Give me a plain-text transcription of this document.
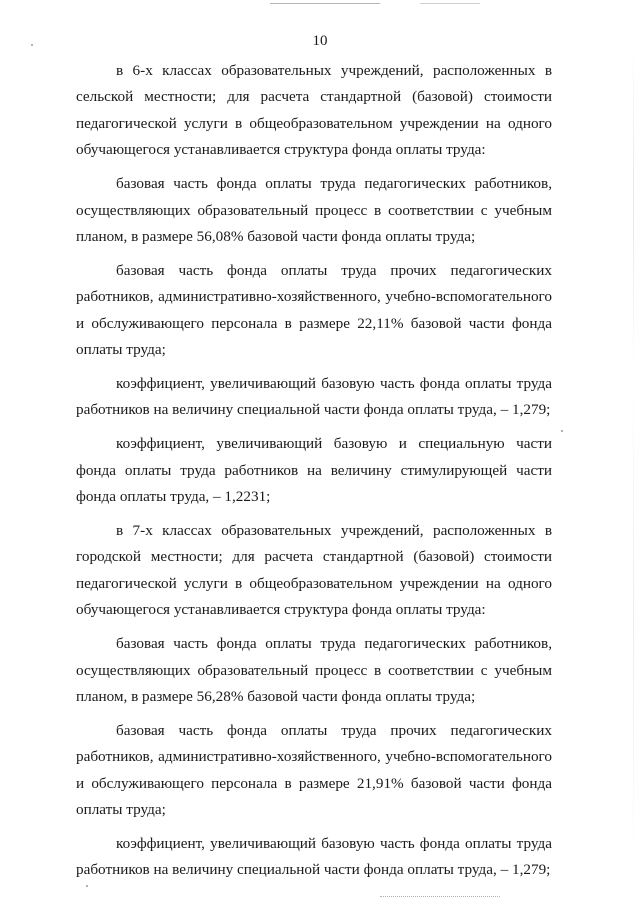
10

в 6-х классах образовательных учреждений, расположенных в сельской местности; для расчета стандартной (базовой) стоимости педагогической услуги в общеобразовательном учреждении на одного обучающегося устанавливается структура фонда оплаты труда:

базовая часть фонда оплаты труда педагогических работников, осуществляющих образовательный процесс в соответствии с учебным планом, в размере 56,08% базовой части фонда оплаты труда;

базовая часть фонда оплаты труда прочих педагогических работников, административно-хозяйственного, учебно-вспомогательного и обслуживающего персонала в размере 22,11% базовой части фонда оплаты труда;

коэффициент, увеличивающий базовую часть фонда оплаты труда работников на величину специальной части фонда оплаты труда, – 1,279;

коэффициент, увеличивающий базовую и специальную части фонда оплаты труда работников на величину стимулирующей части фонда оплаты труда, – 1,2231;

в 7-х классах образовательных учреждений, расположенных в городской местности; для расчета стандартной (базовой) стоимости педагогической услуги в общеобразовательном учреждении на одного обучающегося устанавливается структура фонда оплаты труда:

базовая часть фонда оплаты труда педагогических работников, осуществляющих образовательный процесс в соответствии с учебным планом, в размере 56,28% базовой части фонда оплаты труда;

базовая часть фонда оплаты труда прочих педагогических работников, административно-хозяйственного, учебно-вспомогательного и обслуживающего персонала в размере 21,91% базовой части фонда оплаты труда;

коэффициент, увеличивающий базовую часть фонда оплаты труда работников на величину специальной части фонда оплаты труда, – 1,279;
